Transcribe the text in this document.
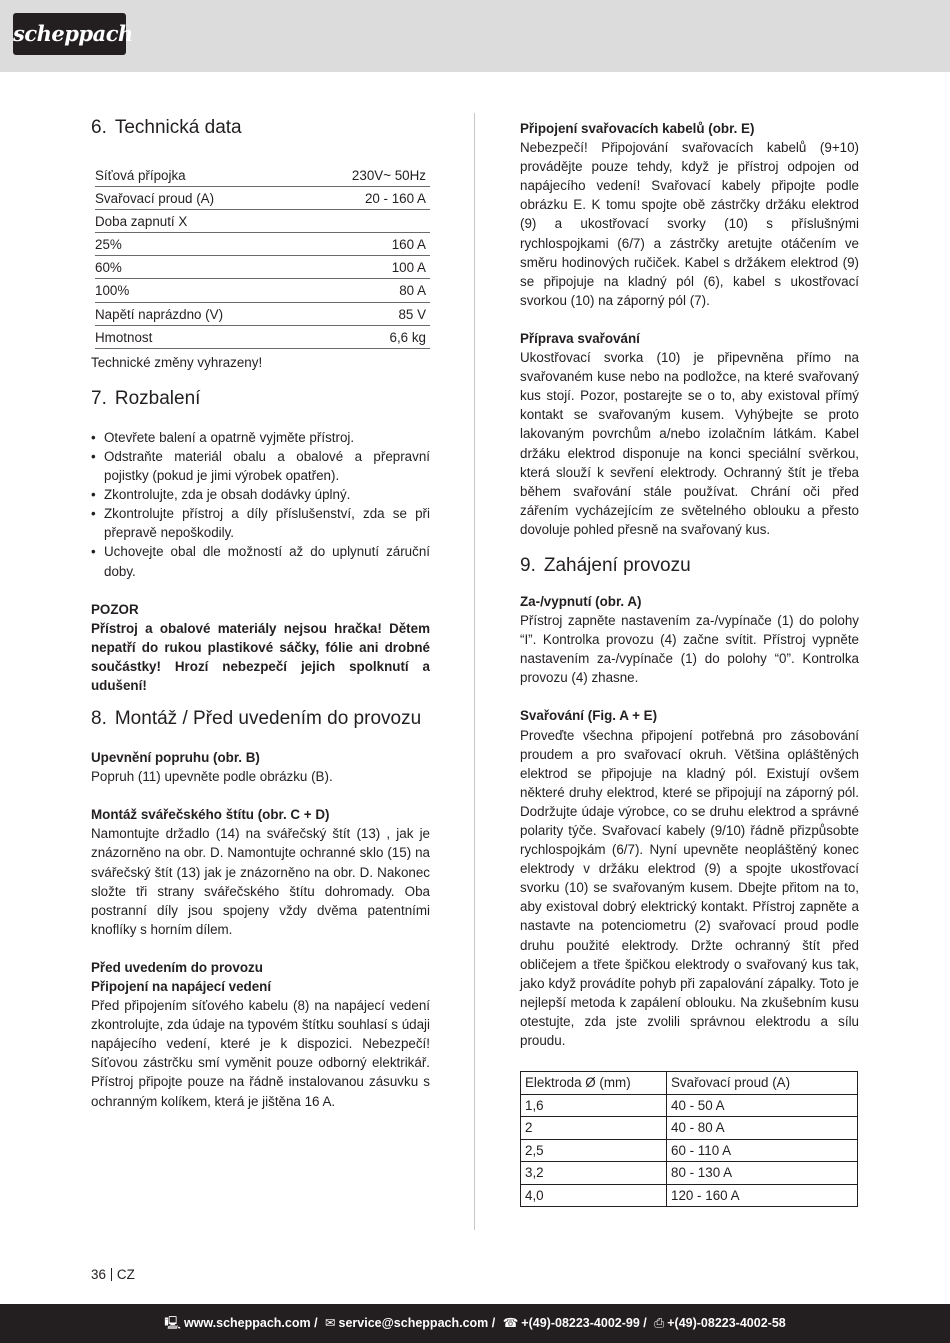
scheppach
6. Technická data
Síťová přípojka	230V~ 50Hz
Svařovací proud (A)	20 - 160 A
Doba zapnutí X	
25%	160 A
60%	100 A
100%	80 A
Napětí naprázdno (V)	85 V
Hmotnost	6,6 kg

Technické změny vyhrazeny!

7. Rozbalení
• Otevřete balení a opatrně vyjměte přístroj.
• Odstraňte materiál obalu a obalové a přepravní pojistky (pokud je jimi výrobek opatřen).
• Zkontrolujte, zda je obsah dodávky úplný.
• Zkontrolujte přístroj a díly příslušenství, zda se při přepravě nepoškodily.
• Uchovejte obal dle možností až do uplynutí záruční doby.

POZOR

Přístroj a obalové materiály nejsou hračka! Dětem nepatří do rukou plastikové sáčky, fólie ani drobné součástky! Hrozí nebezpečí jejich spolknutí a udušení!

8. Montáž / Před uvedením do provozu

Upevnění popruhu (obr. B)

Popruh (11) upevněte podle obrázku (B).

Montáž svářečského štítu (obr. C + D)

Namontujte držadlo (14) na svářečský štít (13) , jak je znázorněno na obr. D. Namontujte ochranné sklo (15) na svářečský štít (13) jak je znázorněno na obr. D. Nakonec složte tři strany svářečského štítu dohromady. Oba postranní díly jsou spojeny vždy dvěma patentními knoflíky s horním dílem.

Před uvedením do provozu

Připojení na napájecí vedení

Před připojením síťového kabelu (8) na napájecí vedení zkontrolujte, zda údaje na typovém štítku souhlasí s údaji napájecího vedení, které je k dispozici. Nebezpečí! Síťovou zástrčku smí vyměnit pouze odborný elektrikář. Přístroj připojte pouze na řádně instalovanou zásuvku s ochranným kolíkem, která je jištěna 16 A.

Připojení svařovacích kabelů (obr. E)

Nebezpečí! Připojování svařovacích kabelů (9+10) provádějte pouze tehdy, když je přístroj odpojen od napájecího vedení! Svařovací kabely připojte podle obrázku E. K tomu spojte obě zástrčky držáku elektrod (9) a ukostřovací svorky (10) s příslušnými rychlospojkami (6/7) a zástrčky aretujte otáčením ve směru hodinových ručiček. Kabel s držákem elektrod (9) se připojuje na kladný pól (6), kabel s ukostřovací svorkou (10) na záporný pól (7).

Příprava svařování

Ukostřovací svorka (10) je připevněna přímo na svařovaném kuse nebo na podložce, na které svařovaný kus stojí. Pozor, postarejte se o to, aby existoval přímý kontakt se svařovaným kusem. Vyhýbejte se proto lakovaným povrchům a/nebo izolačním látkám. Kabel držáku elektrod disponuje na konci speciální svěrkou, která slouží k sevření elektrody. Ochranný štít je třeba během svařování stále používat. Chrání oči před zářením vycházejícím ze světelného oblouku a přesto dovoluje pohled přesně na svařovaný kus.

9. Zahájení provozu

Za-/vypnutí (obr. A)

Přístroj zapněte nastavením za-/vypínače (1) do polohy “I”. Kontrolka provozu (4) začne svítit. Přístroj vypněte nastavením za-/vypínače (1) do polohy “0”. Kontrolka provozu (4) zhasne.

Svařování (Fig. A + E)

Proveďte všechna připojení potřebná pro zásobování proudem a pro svařovací okruh. Většina opláštěných elektrod se připojuje na kladný pól. Existují ovšem některé druhy elektrod, které se připojují na záporný pól. Dodržujte údaje výrobce, co se druhu elektrod a správné polarity týče. Svařovací kabely (9/10) řádně přizpůsobte rychlospojkám (6/7). Nyní upevněte neopláštěný konec elektrody v držáku elektrod (9) a spojte ukostřovací svorku (10) se svařovaným kusem. Dbejte přitom na to, aby existoval dobrý elektrický kontakt. Přístroj zapněte a nastavte na potenciometru (2) svařovací proud podle druhu použité elektrody. Držte ochranný štít před obličejem a třete špičkou elektrody o svařovaný kus tak, jako když provádíte pohyb při zapalování zápalky. Toto je nejlepší metoda k zapálení oblouku. Na zkušebním kusu otestujte, zda jste zvolili správnou elektrodu a sílu proudu.

Elektroda Ø (mm)	Svařovací proud (A)
1,6	40 - 50 A
2	40 - 80 A
2,5	60 - 110 A
3,2	80 - 130 A
4,0	120 - 160 A
36 CZ
🖳 www.scheppach.com / ✉ service@scheppach.com / ☎ +(49)-08223-4002-99 / ⎙ +(49)-08223-4002-58
